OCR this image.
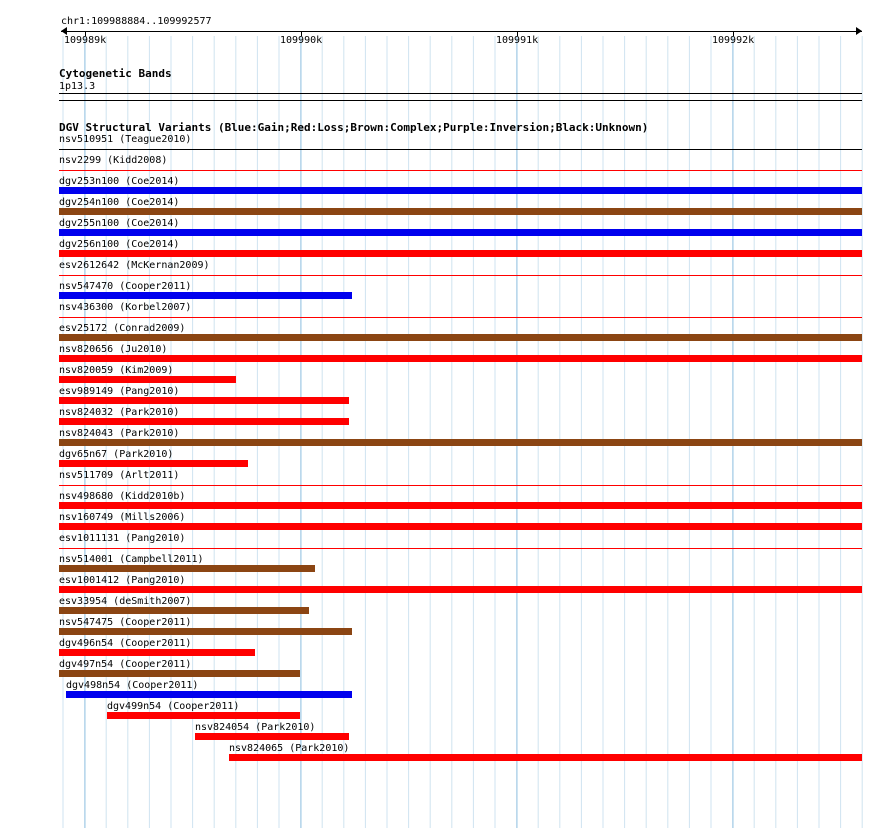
chr1:109988884..109992577
109989k	109990k	109991k	109992k
Cytogenetic Bands
1p13.3
DGV Structural Variants (Blue:Gain;Red:Loss;Brown:Complex;Purple:Inversion;Black:Unknown)
nsv510951 (Teague2010)
nsv2299 (Kidd2008)
dgv253n100 (Coe2014)
dgv254n100 (Coe2014)
dgv255n100 (Coe2014)
dgv256n100 (Coe2014)
esv2612642 (McKernan2009)
nsv547470 (Cooper2011)
nsv436300 (Korbel2007)
esv25172 (Conrad2009)
nsv820656 (Ju2010)
nsv820059 (Kim2009)
esv989149 (Pang2010)
nsv824032 (Park2010)
nsv824043 (Park2010)
dgv65n67 (Park2010)
nsv511709 (Arlt2011)
nsv498680 (Kidd2010b)
nsv160749 (Mills2006)
esv1011131 (Pang2010)
nsv514001 (Campbell2011)
esv1001412 (Pang2010)
esv33954 (deSmith2007)
nsv547475 (Cooper2011)
dgv496n54 (Cooper2011)
dgv497n54 (Cooper2011)
dgv498n54 (Cooper2011)
dgv499n54 (Cooper2011)
nsv824054 (Park2010)
nsv824065 (Park2010)
